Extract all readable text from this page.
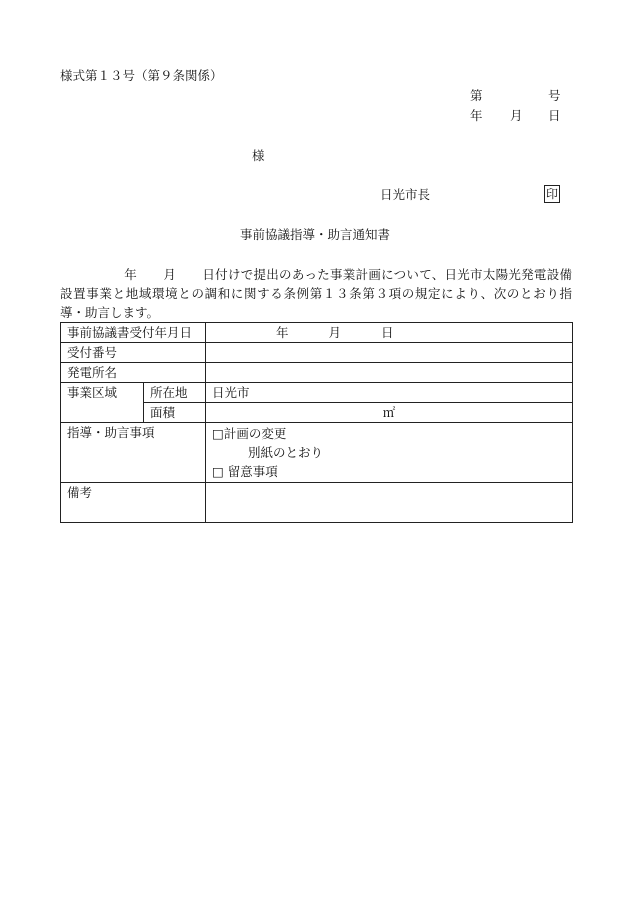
様式第１３号（第９条関係）
第	号
年 月 日
様
日光市長	印
事前協議指導・助言通知書
年 月 日付けで提出のあった事業計画について、日光市太陽光発電設備設置事業と地域環境との調和に関する条例第１３条第３項の規定により、次のとおり指導・助言します。
事前協議書受付年月日		年 月 日
受付番号		
発電所名		
事業区域	所在地	日光市
	面積	㎡
指導・助言事項		□計画の変更
別紙のとおり
□ 留意事項

備考		
